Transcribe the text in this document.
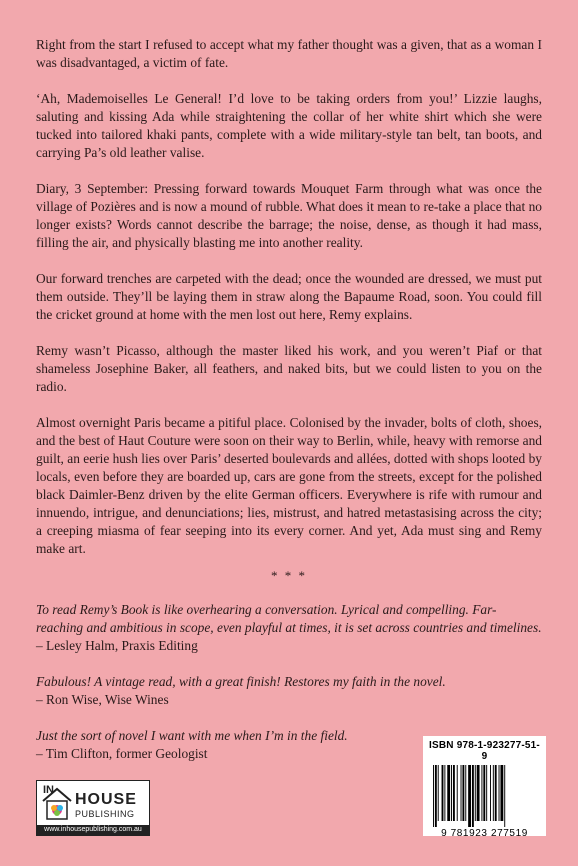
Right from the start I refused to accept what my father thought was a given, that as a woman I was disadvantaged, a victim of fate.

‘Ah, Mademoiselles Le General! I’d love to be taking orders from you!’ Lizzie laughs, saluting and kissing Ada while straightening the collar of her white shirt which she were tucked into tailored khaki pants, complete with a wide military-style tan belt, tan boots, and carrying Pa’s old leather valise.

Diary, 3 September: Pressing forward towards Mouquet Farm through what was once the village of Pozières and is now a mound of rubble. What does it mean to re-take a place that no longer exists? Words cannot describe the barrage; the noise, dense, as though it had mass, filling the air, and physically blasting me into another reality.

Our forward trenches are carpeted with the dead; once the wounded are dressed, we must put them outside. They’ll be laying them in straw along the Bapaume Road, soon. You could fill the cricket ground at home with the men lost out here, Remy explains.

Remy wasn’t Picasso, although the master liked his work, and you weren’t Piaf or that shameless Josephine Baker, all feathers, and naked bits, but we could listen to you on the radio.

Almost overnight Paris became a pitiful place. Colonised by the invader, bolts of cloth, shoes, and the best of Haut Couture were soon on their way to Berlin, while, heavy with remorse and guilt, an eerie hush lies over Paris’ deserted boulevards and allées, dotted with shops looted by locals, even before they are boarded up, cars are gone from the streets, except for the polished black Daimler-Benz driven by the elite German officers. Everywhere is rife with rumour and innuendo, intrigue, and denunciations; lies, mistrust, and hatred metastasising across the city; a creeping miasma of fear seeping into its every corner. And yet, Ada must sing and Remy make art.

* * *
To read Remy’s Book is like overhearing a conversation. Lyrical and compelling. Far-reaching and ambitious in scope, even playful at times, it is set across countries and timelines.
– Lesley Halm, Praxis Editing
Fabulous! A vintage read, with a great finish! Restores my faith in the novel.
– Ron Wise, Wise Wines
Just the sort of novel I want with me when I’m in the field.
– Tim Clifton, former Geologist
IN
HOUSE
PUBLISHING
www.inhousepublishing.com.au
ISBN 978-1-923277-51-9
9 781923 277519
